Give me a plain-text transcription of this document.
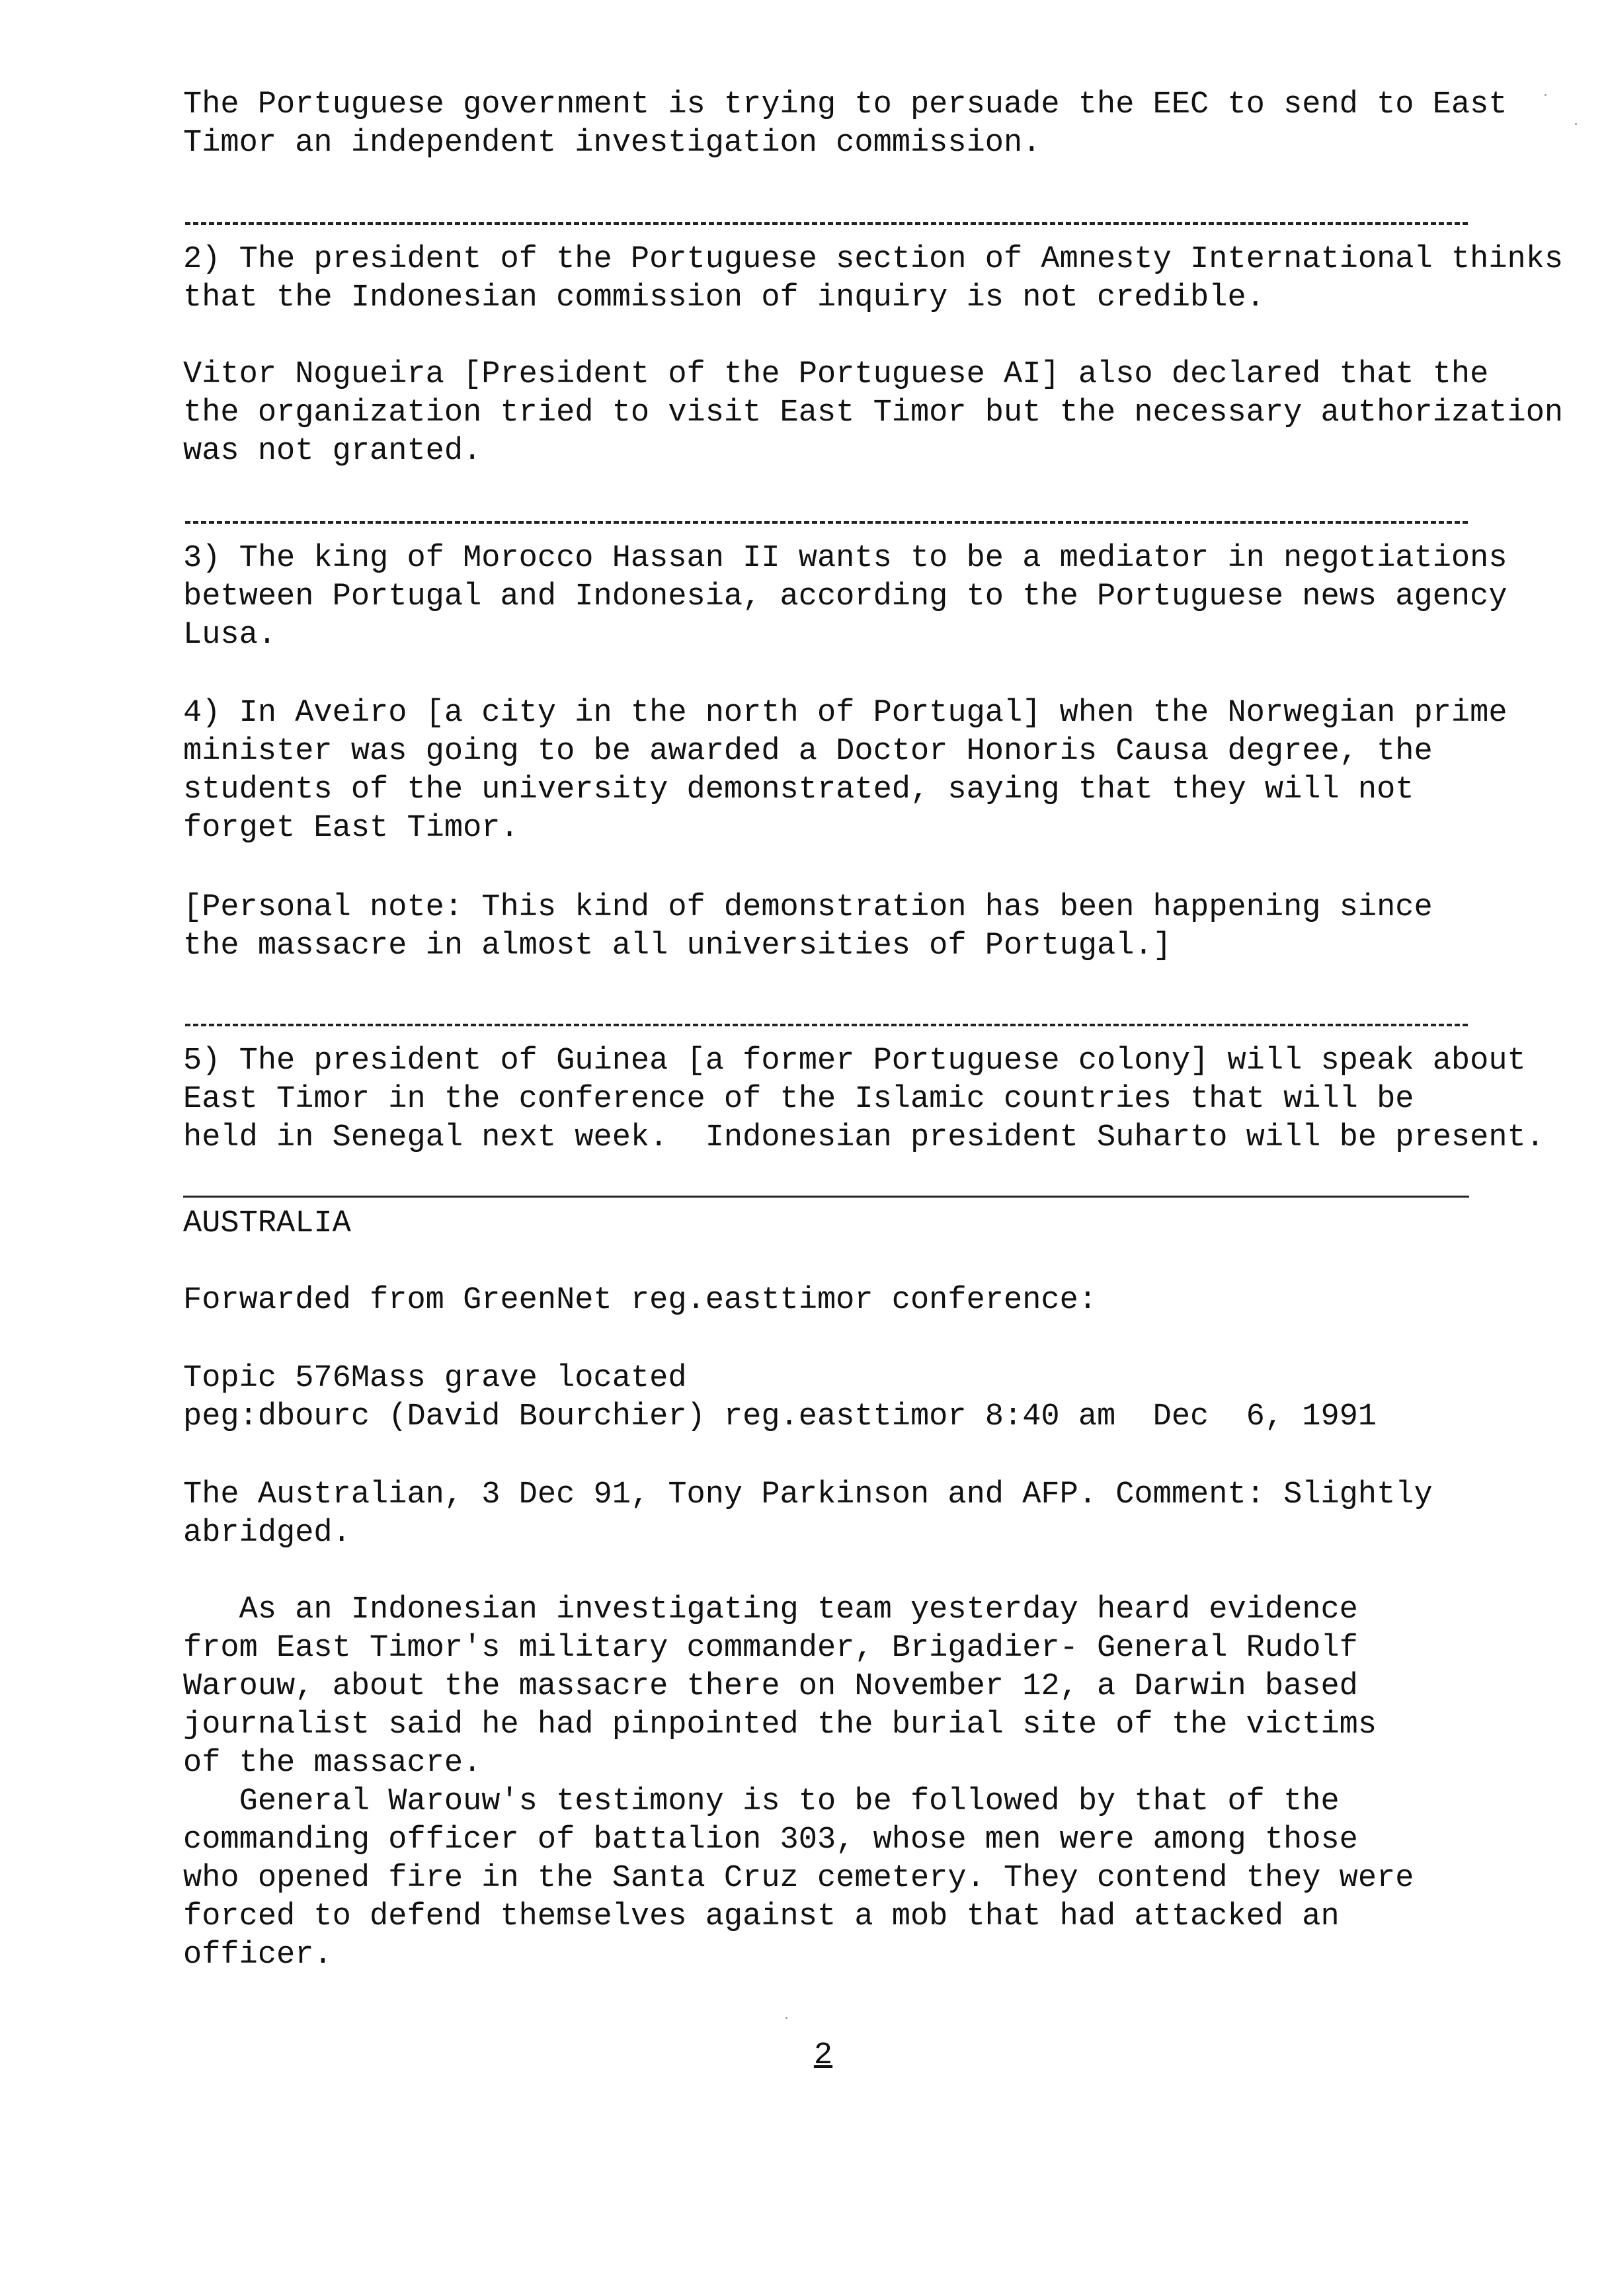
The Portuguese government is trying to persuade the EEC to send to East
Timor an independent investigation commission.

2) The president of the Portuguese section of Amnesty International thinks
that the Indonesian commission of inquiry is not credible.

Vitor Nogueira [President of the Portuguese AI] also declared that the
the organization tried to visit East Timor but the necessary authorization
was not granted.

3) The king of Morocco Hassan II wants to be a mediator in negotiations
between Portugal and Indonesia, according to the Portuguese news agency
Lusa.

4) In Aveiro [a city in the north of Portugal] when the Norwegian prime
minister was going to be awarded a Doctor Honoris Causa degree, the
students of the university demonstrated, saying that they will not
forget East Timor.

[Personal note: This kind of demonstration has been happening since
the massacre in almost all universities of Portugal.]

5) The president of Guinea [a former Portuguese colony] will speak about
East Timor in the conference of the Islamic countries that will be
held in Senegal next week.  Indonesian president Suharto will be present.

AUSTRALIA

Forwarded from GreenNet reg.easttimor conference:

Topic 576Mass grave located
peg:dbourc (David Bourchier) reg.easttimor 8:40 am  Dec  6, 1991

The Australian, 3 Dec 91, Tony Parkinson and AFP. Comment: Slightly
abridged.

As an Indonesian investigating team yesterday heard evidence
from East Timor's military commander, Brigadier- General Rudolf
Warouw, about the massacre there on November 12, a Darwin based
journalist said he had pinpointed the burial site of the victims
of the massacre.
General Warouw's testimony is to be followed by that of the
commanding officer of battalion 303, whose men were among those
who opened fire in the Santa Cruz cemetery. They contend they were
forced to defend themselves against a mob that had attacked an
officer.

2
